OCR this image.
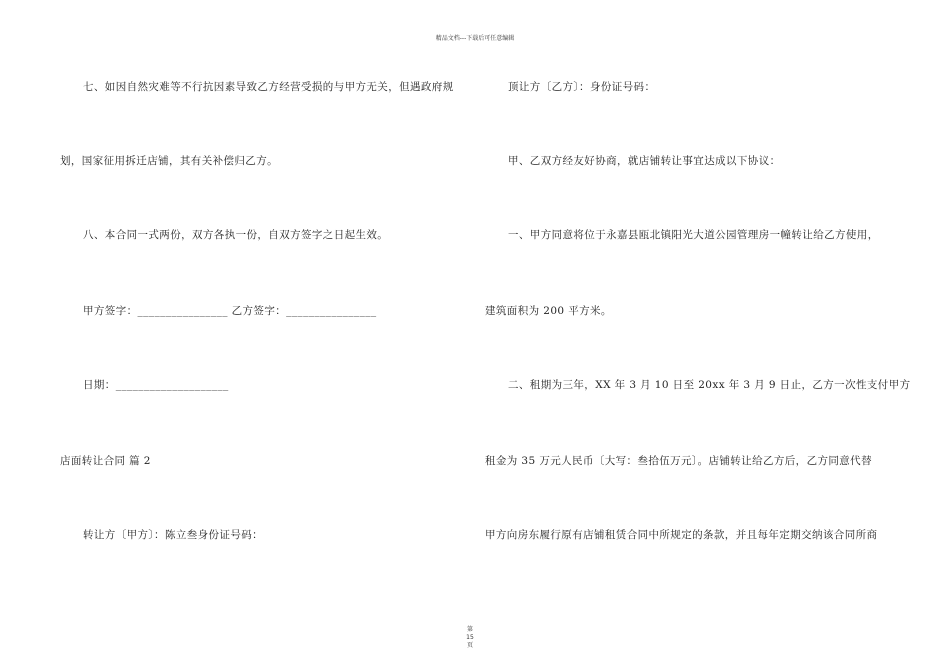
精品文档---下载后可任意编辑
七、如因自然灾难等不行抗因素导致乙方经营受损的与甲方无关，但遇政府规
划，国家征用拆迁店铺，其有关补偿归乙方。
八、本合同一式两份，双方各执一份，自双方签字之日起生效。
甲方签字：________________ 乙方签字：________________
日期：____________________
店面转让合同 篇 2
转让方〔甲方〕：陈立叁身份证号码：
顶让方〔乙方〕：身份证号码：
甲、乙双方经友好协商，就店铺转让事宜达成以下协议：
一、甲方同意将位于永嘉县瓯北镇阳光大道公园管理房一幢转让给乙方使用，
建筑面积为 200 平方米。
二、租期为三年，XX 年 3 月 10 日至 20xx 年 3 月 9 日止，乙方一次性支付甲方
租金为 35 万元人民币〔大写：叁拾伍万元〕。店铺转让给乙方后，乙方同意代替
甲方向房东履行原有店铺租赁合同中所规定的条款，并且每年定期交纳该合同所商
第
15
页
